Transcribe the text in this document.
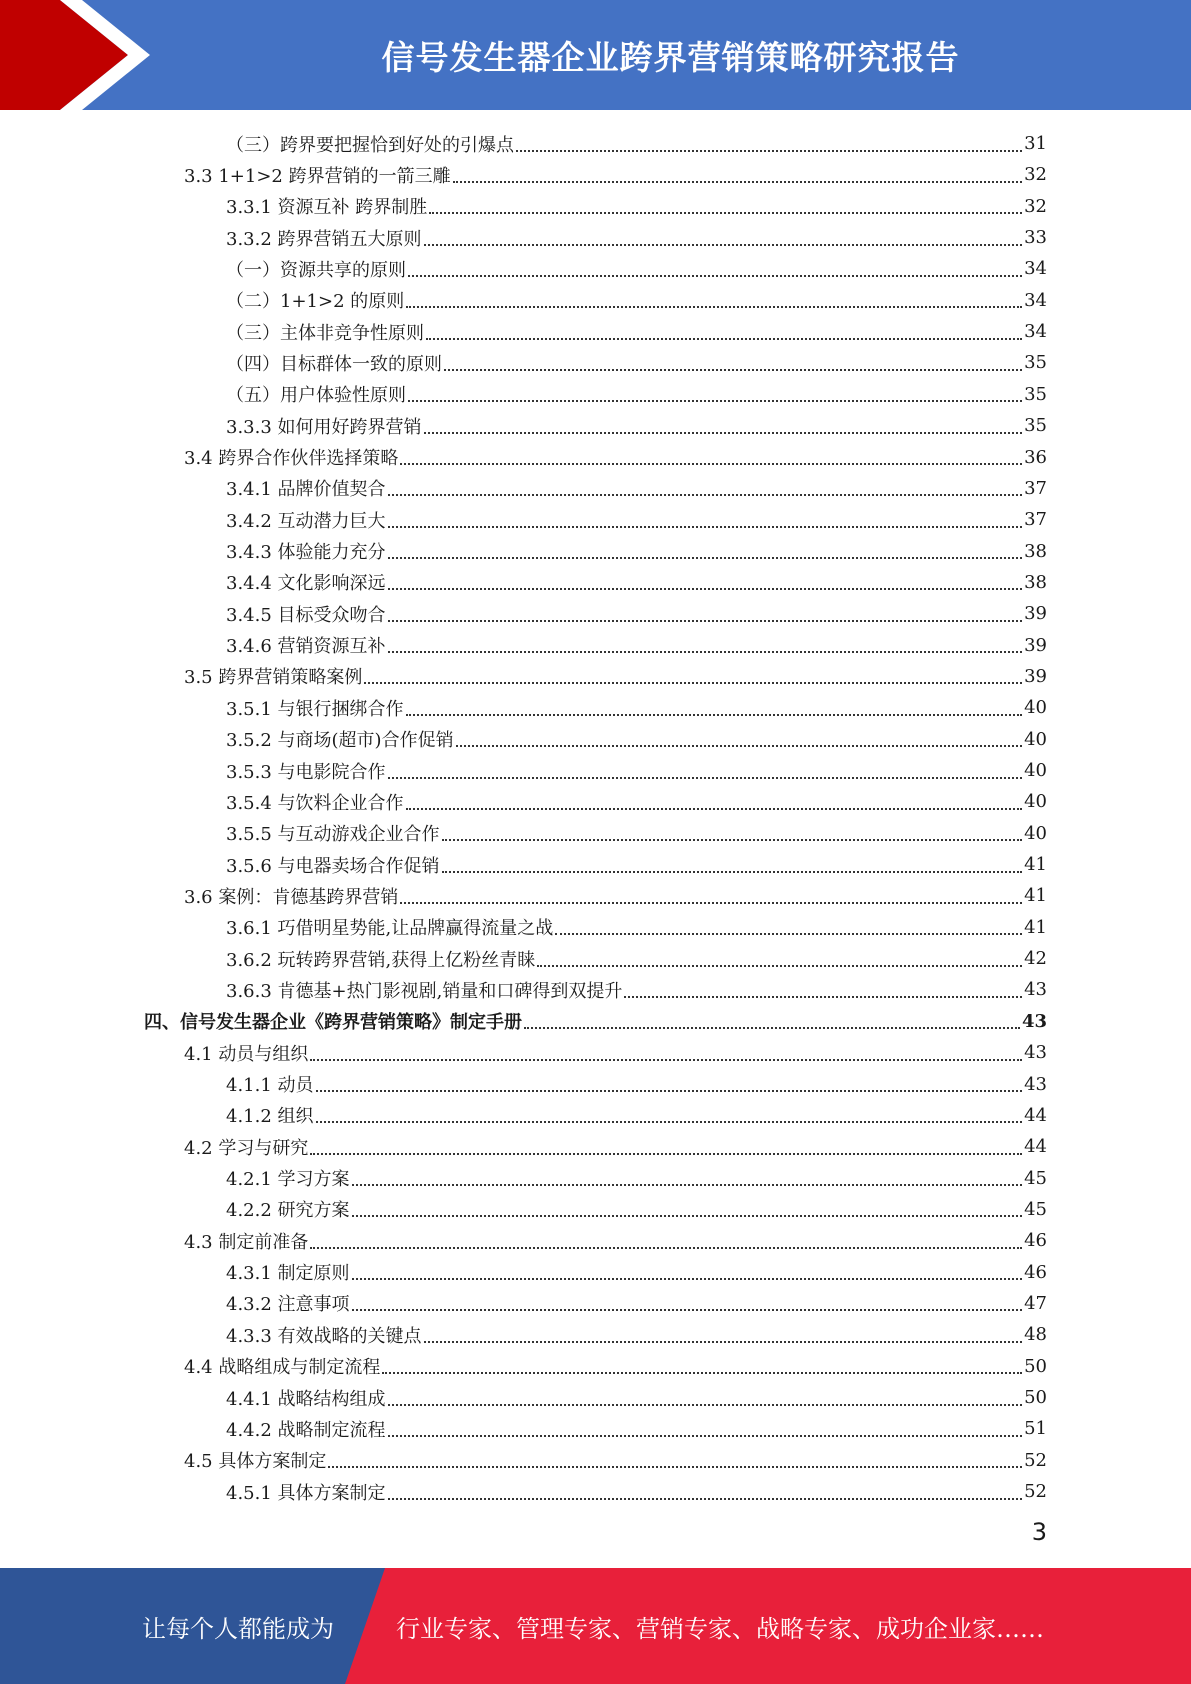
信号发生器企业跨界营销策略研究报告
（三）跨界要把握恰到好处的引爆点	31
3.3 1+1>2 跨界营销的一箭三雕	32
3.3.1 资源互补 跨界制胜	32
3.3.2 跨界营销五大原则	33
（一）资源共享的原则	34
（二）1+1>2 的原则	34
（三）主体非竞争性原则	34
（四）目标群体一致的原则	35
（五）用户体验性原则	35
3.3.3 如何用好跨界营销	35
3.4 跨界合作伙伴选择策略	36
3.4.1 品牌价值契合	37
3.4.2 互动潜力巨大	37
3.4.3 体验能力充分	38
3.4.4 文化影响深远	38
3.4.5 目标受众吻合	39
3.4.6 营销资源互补	39
3.5 跨界营销策略案例	39
3.5.1 与银行捆绑合作	40
3.5.2 与商场(超市)合作促销	40
3.5.3 与电影院合作	40
3.5.4 与饮料企业合作	40
3.5.5 与互动游戏企业合作	40
3.5.6 与电器卖场合作促销	41
3.6 案例：肯德基跨界营销	41
3.6.1 巧借明星势能,让品牌赢得流量之战	41
3.6.2 玩转跨界营销,获得上亿粉丝青睐	42
3.6.3 肯德基+热门影视剧,销量和口碑得到双提升	43
四、信号发生器企业《跨界营销策略》制定手册	43
4.1 动员与组织	43
4.1.1 动员	43
4.1.2 组织	44
4.2 学习与研究	44
4.2.1 学习方案	45
4.2.2 研究方案	45
4.3 制定前准备	46
4.3.1 制定原则	46
4.3.2 注意事项	47
4.3.3 有效战略的关键点	48
4.4 战略组成与制定流程	50
4.4.1 战略结构组成	50
4.4.2 战略制定流程	51
4.5 具体方案制定	52
4.5.1 具体方案制定	52
3
让每个人都能成为	行业专家、管理专家、营销专家、战略专家、成功企业家……
